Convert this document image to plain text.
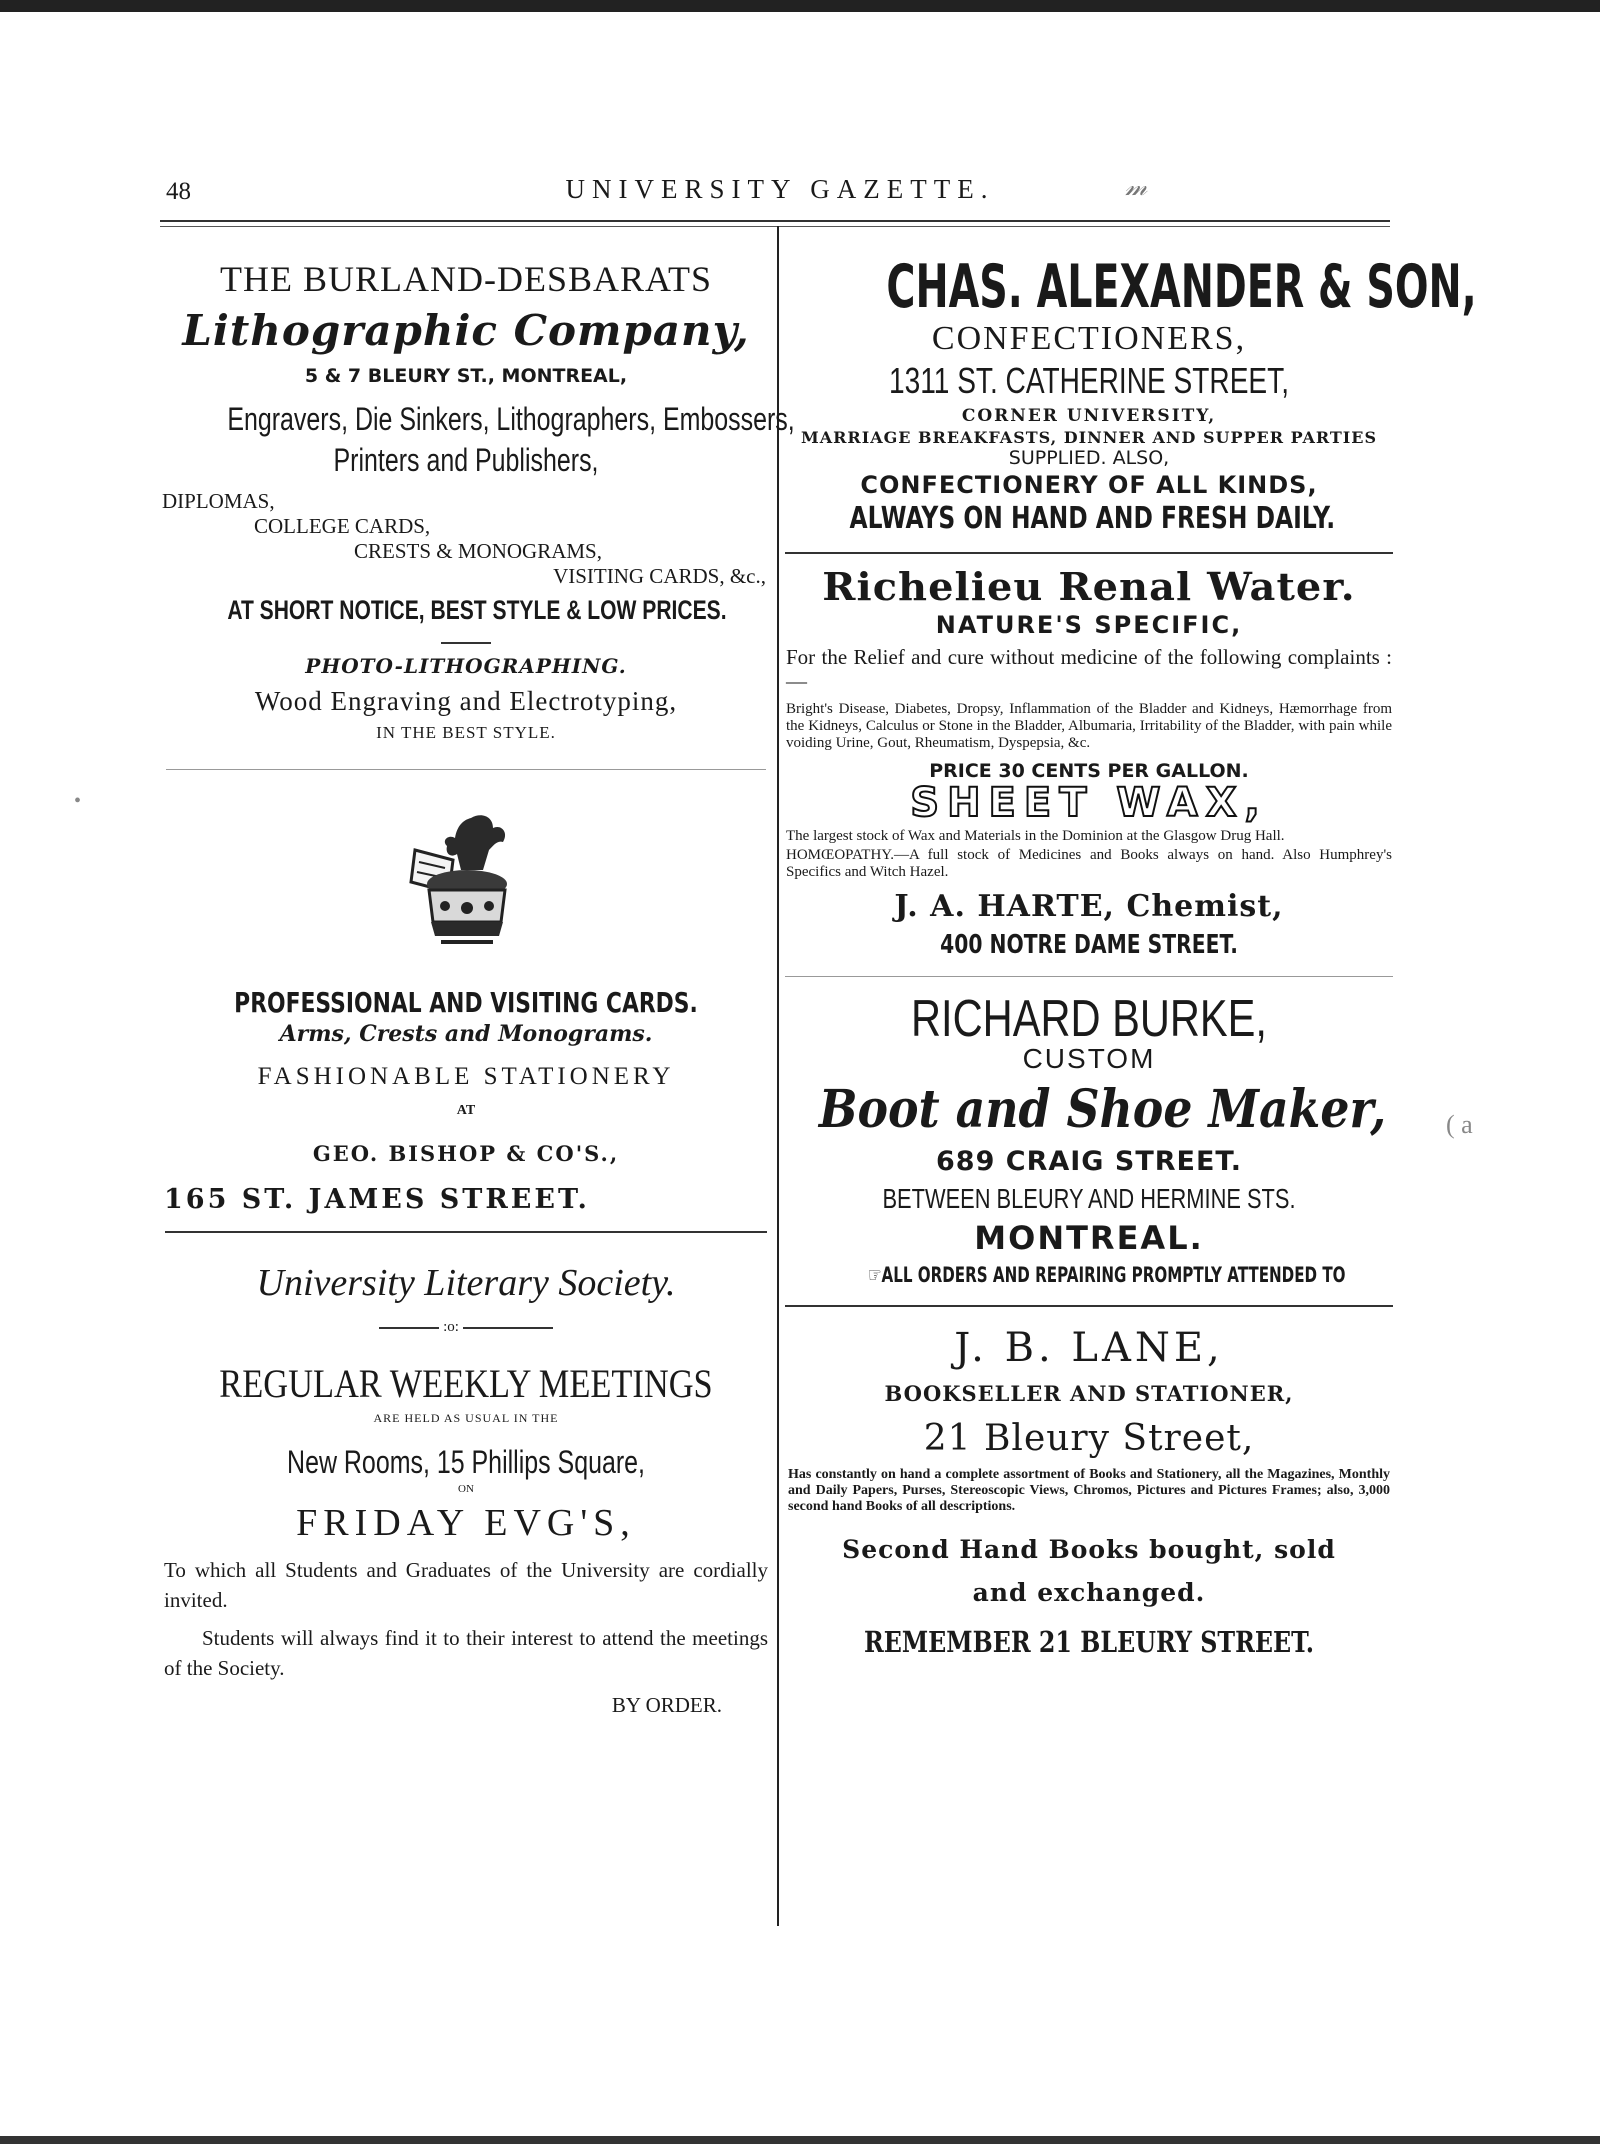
48	UNIVERSITY GAZETTE.	𝓂
THE BURLAND-DESBARATS
Lithographic Company,
5 & 7 BLEURY ST., MONTREAL,
Engravers, Die Sinkers, Lithographers, Embossers,
Printers and Publishers,
DIPLOMAS,
COLLEGE CARDS,
CRESTS & MONOGRAMS,
VISITING CARDS, &c.,
AT SHORT NOTICE, BEST STYLE & LOW PRICES.
PHOTO-LITHOGRAPHING.
Wood Engraving and Electrotyping,
IN THE BEST STYLE.
PROFESSIONAL AND VISITING CARDS.
Arms, Crests and Monograms.
FASHIONABLE STATIONERY
AT
GEO. BISHOP & CO'S.,
165 ST. JAMES STREET.
University Literary Society.
:o:
REGULAR WEEKLY MEETINGS
ARE HELD AS USUAL IN THE
New Rooms, 15 Phillips Square,
ON
FRIDAY EVG'S,
To which all Students and Graduates of the University are cordially invited.
Students will always find it to their interest to attend the meetings of the Society.
BY ORDER.
CHAS. ALEXANDER & SON,
CONFECTIONERS,
1311 ST. CATHERINE STREET,
CORNER UNIVERSITY,
MARRIAGE BREAKFASTS, DINNER AND SUPPER PARTIES
SUPPLIED. ALSO,
CONFECTIONERY OF ALL KINDS,
ALWAYS ON HAND AND FRESH DAILY.
Richelieu Renal Water.
NATURE'S SPECIFIC,
For the Relief and cure without medicine of the following complaints :—
Bright's Disease, Diabetes, Dropsy, Inflammation of the Bladder and Kidneys, Hæmorrhage from the Kidneys, Calculus or Stone in the Bladder, Albumaria, Irritability of the Bladder, with pain while voiding Urine, Gout, Rheumatism, Dyspepsia, &c.
PRICE 30 CENTS PER GALLON.
SHEET WAX,
The largest stock of Wax and Materials in the Dominion at the Glasgow Drug Hall.
HOMŒOPATHY.—A full stock of Medicines and Books always on hand. Also Humphrey's Specifics and Witch Hazel.
J. A. HARTE, Chemist,
400 NOTRE DAME STREET.
RICHARD BURKE,
CUSTOM
Boot and Shoe Maker,
689 CRAIG STREET.
BETWEEN BLEURY AND HERMINE STS.
MONTREAL.
☞ALL ORDERS AND REPAIRING PROMPTLY ATTENDED TO
J. B. LANE,
BOOKSELLER AND STATIONER,
21 Bleury Street,
Has constantly on hand a complete assortment of Books and Stationery, all the Magazines, Monthly and Daily Papers, Purses, Stereoscopic Views, Chromos, Pictures and Pictures Frames; also, 3,000 second hand Books of all descriptions.
Second Hand Books bought, sold
and exchanged.
REMEMBER 21 BLEURY STREET.
•
( a
